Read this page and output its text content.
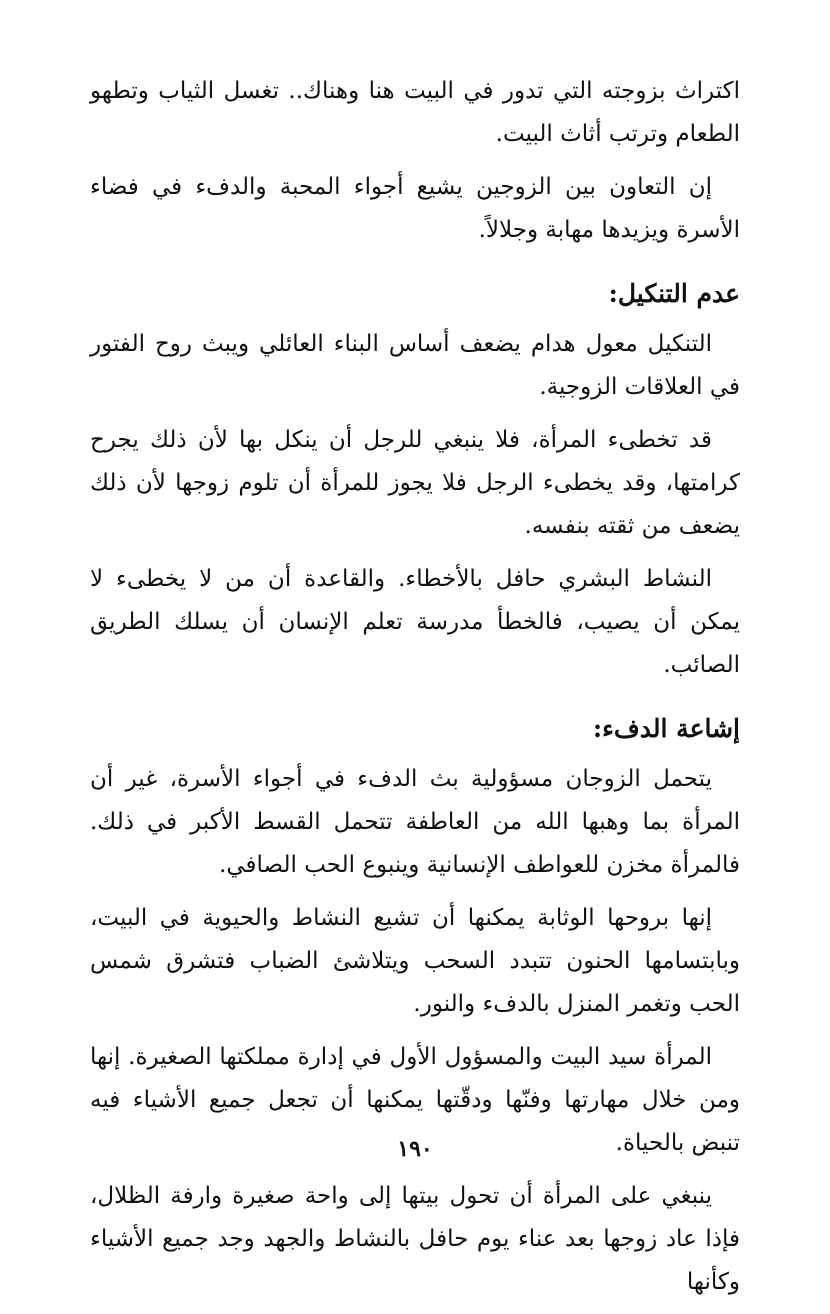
اكتراث بزوجته التي تدور في البيت هنا وهناك.. تغسل الثياب وتطهو الطعام وترتب أثاث البيت.

إن التعاون بين الزوجين يشيع أجواء المحبة والدفء في فضاء الأسرة ويزيدها مهابة وجلالاً.

عدم التنكيل:

التنكيل معول هدام يضعف أساس البناء العائلي ويبث روح الفتور في العلاقات الزوجية.

قد تخطىء المرأة، فلا ينبغي للرجل أن ينكل بها لأن ذلك يجرح كرامتها، وقد يخطىء الرجل فلا يجوز للمرأة أن تلوم زوجها لأن ذلك يضعف من ثقته بنفسه.

النشاط البشري حافل بالأخطاء. والقاعدة أن من لا يخطىء لا يمكن أن يصيب، فالخطأ مدرسة تعلم الإنسان أن يسلك الطريق الصائب.

إشاعة الدفء:

يتحمل الزوجان مسؤولية بث الدفء في أجواء الأسرة، غير أن المرأة بما وهبها الله من العاطفة تتحمل القسط الأكبر في ذلك. فالمرأة مخزن للعواطف الإنسانية وينبوع الحب الصافي.

إنها بروحها الوثابة يمكنها أن تشيع النشاط والحيوية في البيت، وبابتسامها الحنون تتبدد السحب ويتلاشئ الضباب فتشرق شمس الحب وتغمر المنزل بالدفء والنور.

المرأة سيد البيت والمسؤول الأول في إدارة مملكتها الصغيرة. إنها ومن خلال مهارتها وفنّها ودقّتها يمكنها أن تجعل جميع الأشياء فيه تنبض بالحياة.

ينبغي على المرأة أن تحول بيتها إلى واحة صغيرة وارفة الظلال، فإذا عاد زوجها بعد عناء يوم حافل بالنشاط والجهد وجد جميع الأشياء وكأنها

١٩٠
